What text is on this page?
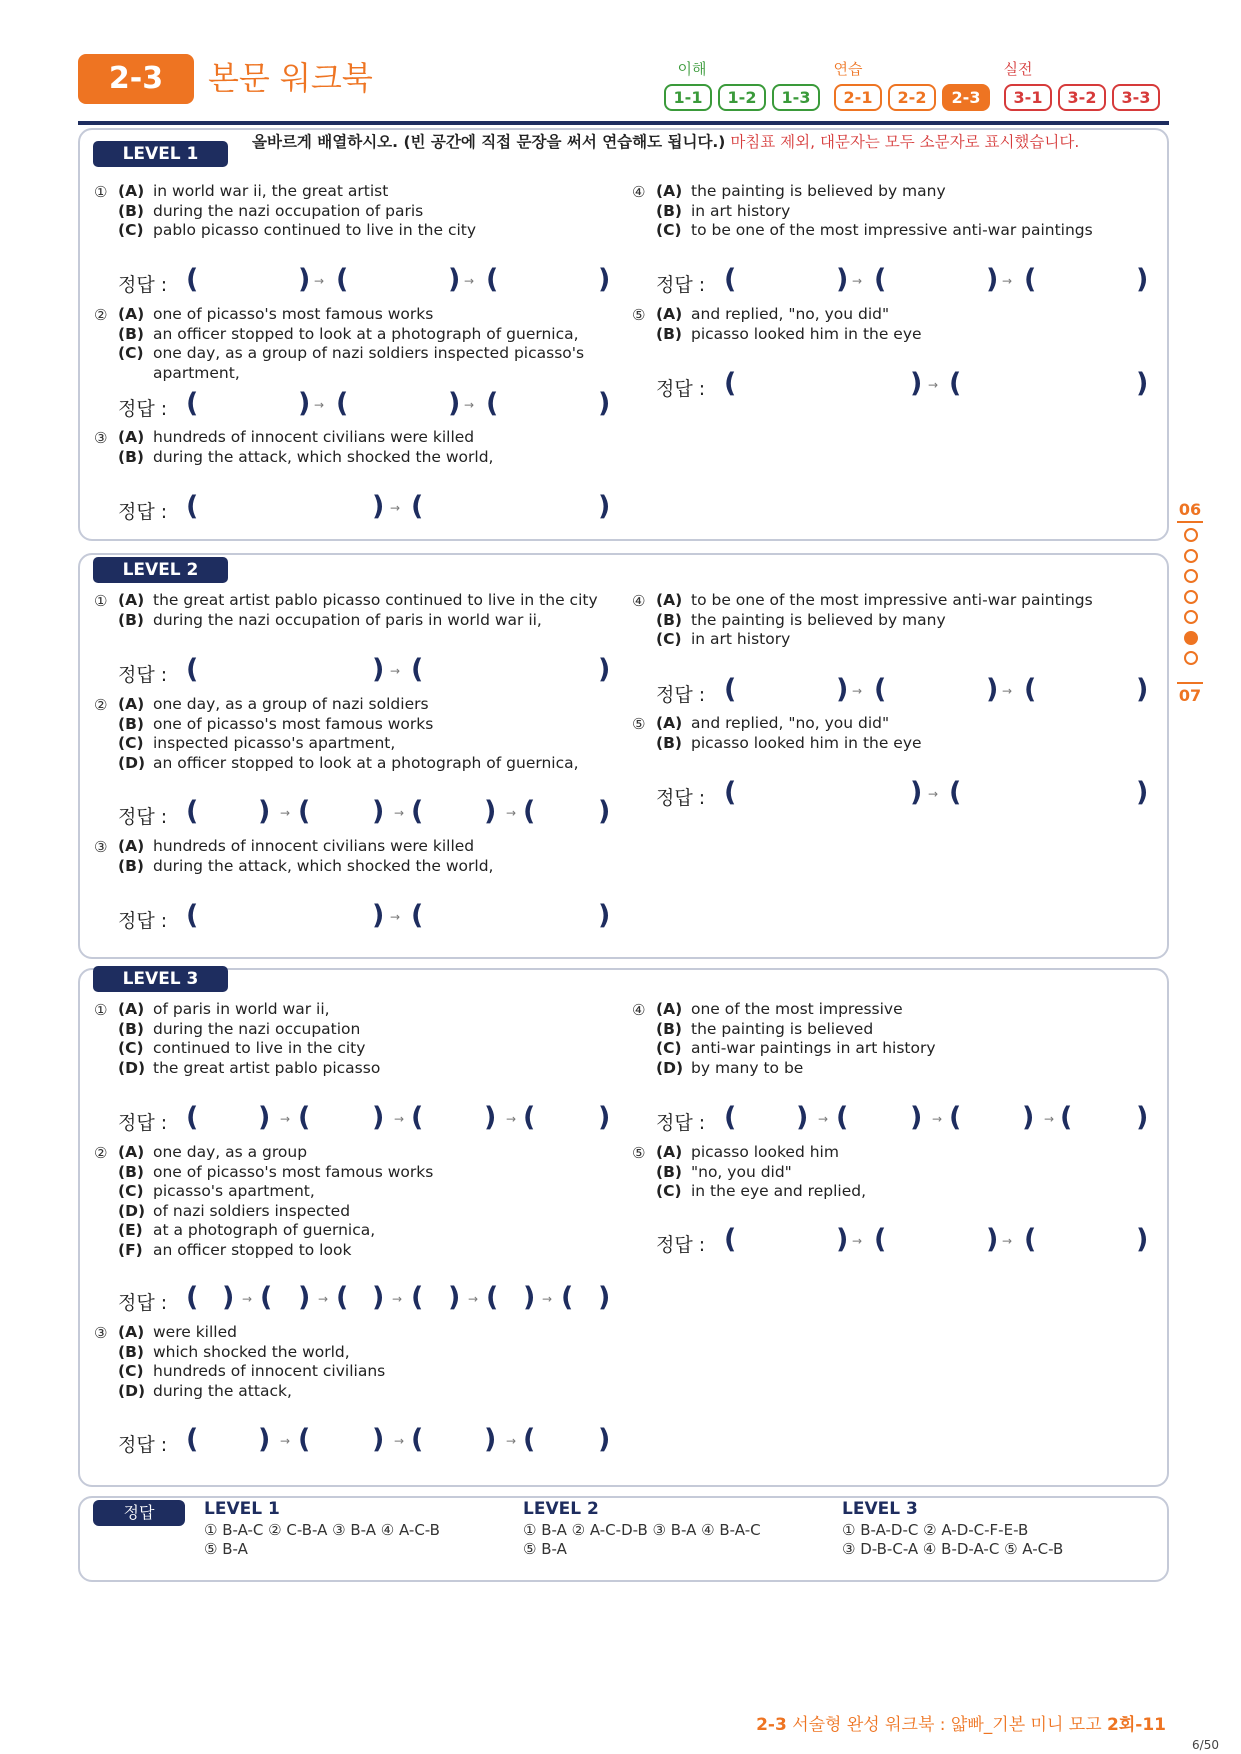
2-3	본문 워크북	이해
1-1	1-2	1-3
연습
2-1	2-2	2-3
실전
3-1	3-2	3-3
올바르게 배열하시오. (빈 공간에 직접 문장을 써서 연습해도 됩니다.) 마침표 제외, 대문자는 모두 소문자로 표시했습니다.
LEVEL 1
① (A) in world war ii, the great artist
(B) during the nazi occupation of paris
(C) pablo picasso continued to live in the city
정답 : (	) (	) (	)
→	→
② (A) one of picasso's most famous works
(B) an officer stopped to look at a photograph of guernica,
(C) one day, as a group of nazi soldiers inspected picasso's
apartment,
정답 : (	) (	) (	)
→	→
③ (A) hundreds of innocent civilians were killed
(B) during the attack, which shocked the world,
정답 : (	) (	)
→
④ (A) the painting is believed by many
(B) in art history
(C) to be one of the most impressive anti-war paintings
정답 : (	) (	) (	)
→	→
⑤ (A) and replied, "no, you did"
(B) picasso looked him in the eye
정답 : (	) (	)
→
LEVEL 2
① (A) the great artist pablo picasso continued to live in the city
(B) during the nazi occupation of paris in world war ii,
정답 : (	) (	)
→
② (A) one day, as a group of nazi soldiers
(B) one of picasso's most famous works
(C) inspected picasso's apartment,
(D) an officer stopped to look at a photograph of guernica,
정답 : ( ) ( ) ( ) ( )
→	→	→
③ (A) hundreds of innocent civilians were killed
(B) during the attack, which shocked the world,
정답 : (	) (	)
→
④ (A) to be one of the most impressive anti-war paintings
(B) the painting is believed by many
(C) in art history
정답 : (	) (	) (	)
→	→
⑤ (A) and replied, "no, you did"
(B) picasso looked him in the eye
정답 : (	) (	)
→
LEVEL 3
① (A) of paris in world war ii,
(B) during the nazi occupation
(C) continued to live in the city
(D) the great artist pablo picasso
정답 : ( ) ( ) ( ) ( )
→	→	→
② (A) one day, as a group
(B) one of picasso's most famous works
(C) picasso's apartment,
(D) of nazi soldiers inspected
(E) at a photograph of guernica,
(F) an officer stopped to look
정답 : ( ) ( ) ( ) ( ) ( ) ( )
→	→	→	→	→
③ (A) were killed
(B) which shocked the world,
(C) hundreds of innocent civilians
(D) during the attack,
정답 : ( ) ( ) ( ) ( )
→	→	→
④ (A) one of the most impressive
(B) the painting is believed
(C) anti-war paintings in art history
(D) by many to be
정답 : ( ) ( ) ( ) ( )
→	→	→
⑤ (A) picasso looked him
(B) "no, you did"
(C) in the eye and replied,
정답 : (	) (	) (	)
→	→
06
07
정답	LEVEL 1
① B-A-C ② C-B-A ③ B-A ④ A-C-B
⑤ B-A
LEVEL 2
① B-A ② A-C-D-B ③ B-A ④ B-A-C
⑤ B-A
LEVEL 3
① B-A-D-C ② A-D-C-F-E-B
③ D-B-C-A ④ B-D-A-C ⑤ A-C-B
2-3 서술형 완성 워크북 : 얇빠_기본 미니 모고 2회-11
6/50
